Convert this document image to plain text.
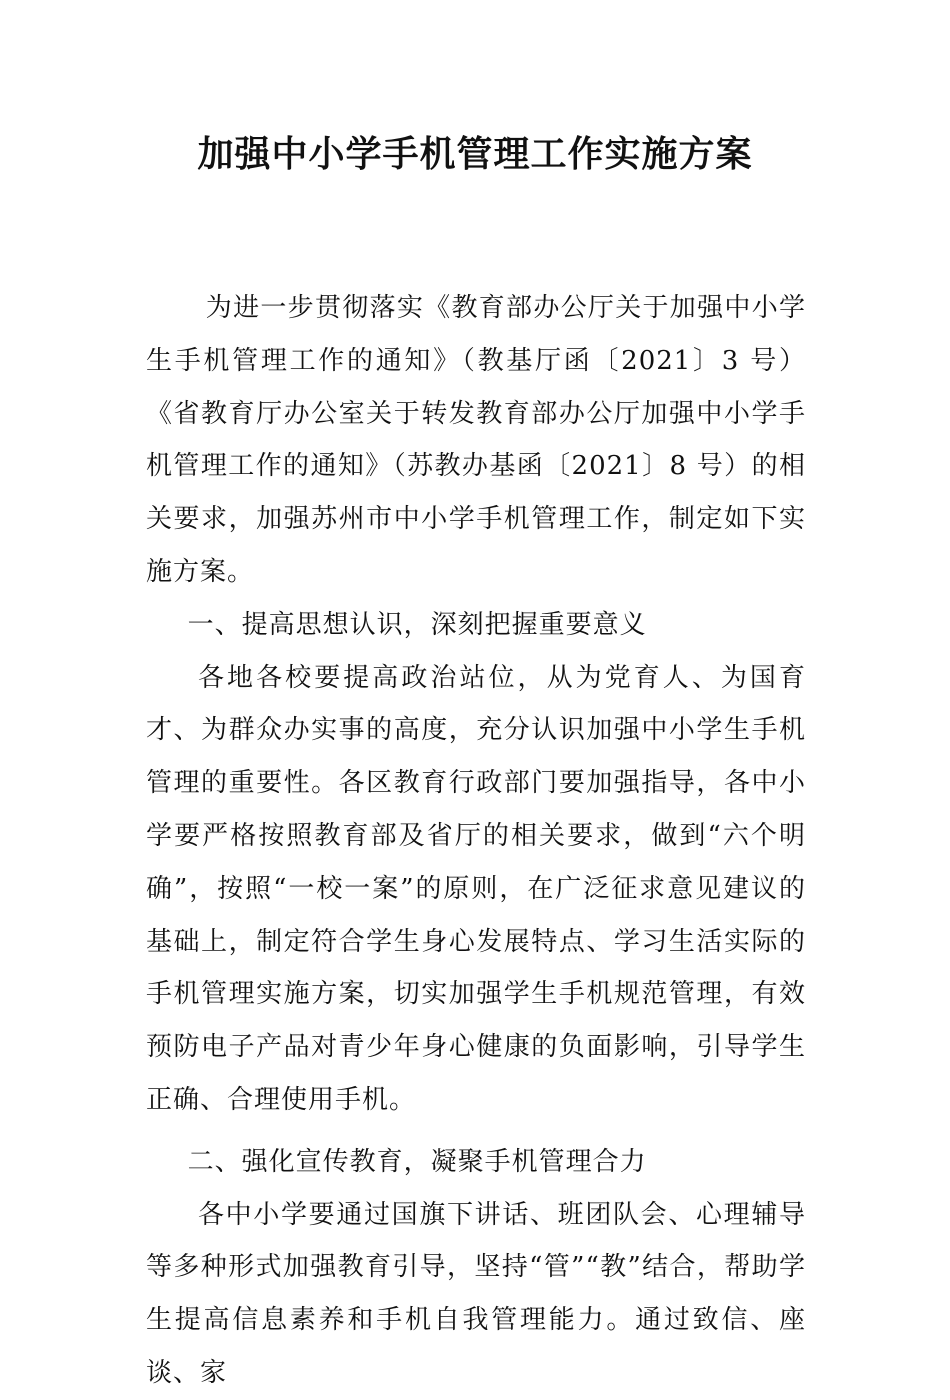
加强中小学手机管理工作实施方案

为进一步贯彻落实《教育部办公厅关于加强中小学生手机管理工作的通知》（教基厅函〔2021〕3 号）《省教育厅办公室关于转发教育部办公厅加强中小学手机管理工作的通知》（苏教办基函〔2021〕8 号）的相关要求，加强苏州市中小学手机管理工作，制定如下实施方案。

一、提高思想认识，深刻把握重要意义

各地各校要提高政治站位，从为党育人、为国育才、为群众办实事的高度，充分认识加强中小学生手机管理的重要性。各区教育行政部门要加强指导，各中小学要严格按照教育部及省厅的相关要求，做到“六个明确”，按照“一校一案”的原则，在广泛征求意见建议的基础上，制定符合学生身心发展特点、学习生活实际的手机管理实施方案，切实加强学生手机规范管理，有效预防电子产品对青少年身心健康的负面影响，引导学生正确、合理使用手机。

二、强化宣传教育，凝聚手机管理合力

各中小学要通过国旗下讲话、班团队会、心理辅导等多种形式加强教育引导，坚持“管”“教”结合，帮助学生提高信息素养和手机自我管理能力。通过致信、座谈、家
